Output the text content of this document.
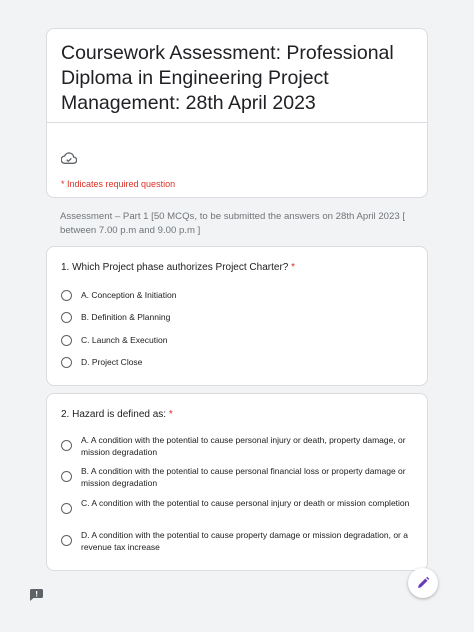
Coursework Assessment: Professional Diploma in Engineering Project Management: 28th April 2023
* Indicates required question
Assessment – Part 1 [50 MCQs, to be submitted the answers on 28th April 2023 [ between 7.00 p.m and 9.00 p.m ]
1. Which Project phase authorizes Project Charter? *
A. Conception & Initiation
B. Definition & Planning
C. Launch & Execution
D. Project Close
2. Hazard is defined as: *
A. A condition with the potential to cause personal injury or death, property damage, or mission degradation
B. A condition with the potential to cause personal financial loss or property damage or mission degradation
C. A condition with the potential to cause personal injury or death or mission completion
D. A condition with the potential to cause property damage or mission degradation, or a revenue tax increase
